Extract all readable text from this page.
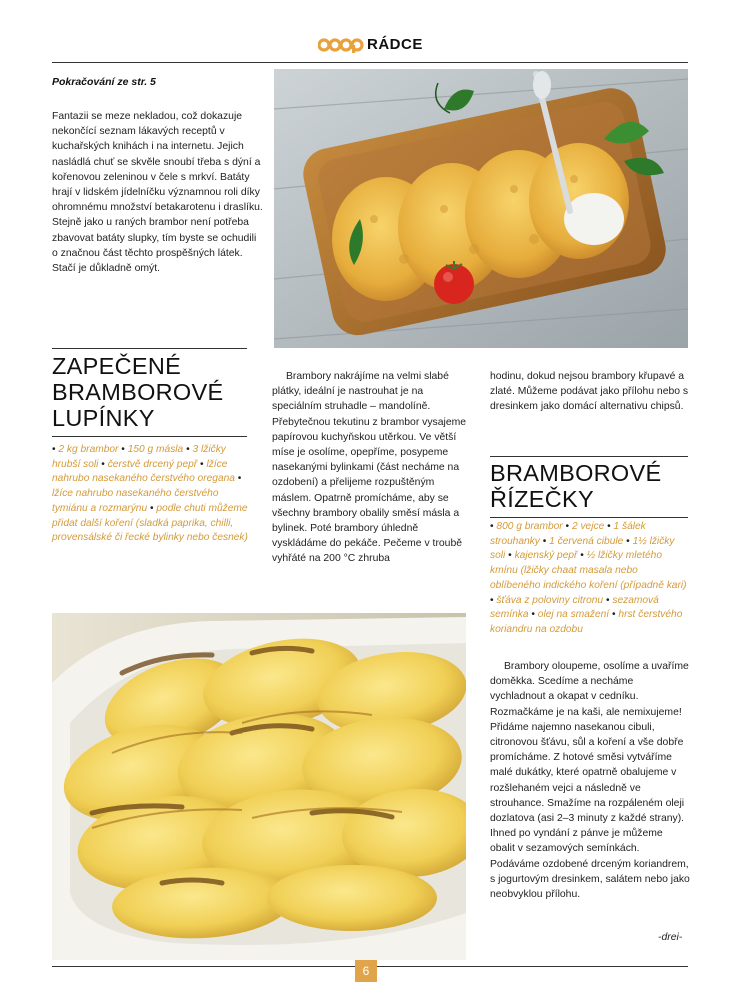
RÁDCE
Pokračování ze str. 5
Fantazii se meze nekladou, což dokazuje nekončící seznam lákavých receptů v kuchařských knihách i na internetu. Jejich nasládlá chuť se skvěle snoubí třeba s dýní a kořenovou zeleninou v čele s mrkví. Batáty hrají v lidském jídelníčku významnou roli díky ohromnému množství betakarotenu i draslíku. Stejně jako u raných brambor není potřeba zbavovat batáty slupky, tím byste se ochudili o značnou část těchto prospěšných látek. Stačí je důkladně omýt.
ZAPEČENÉ
BRAMBOROVÉ
LUPÍNKY
• 2 kg brambor • 150 g másla • 3 lžičky hrubší soli • čerstvě drcený pepř • lžíce nahrubo nasekaného čerstvého oregana • lžíce nahrubo nasekaného čerstvého tymiánu a rozmarýnu • podle chuti můžeme přidat další koření (sladká paprika, chilli, provensálské či řecké bylinky nebo česnek)
Brambory nakrájíme na velmi slabé plátky, ideální je nastrouhat je na speciálním struhadle – mandolíně. Přebytečnou tekutinu z brambor vysajeme papírovou kuchyňskou utěrkou. Ve větší míse je osolíme, opepříme, posypeme nasekanými bylinkami (část necháme na ozdobení) a přelijeme rozpuštěným máslem. Opatrně promícháme, aby se všechny brambory obalily směsí másla a bylinek. Poté brambory úhledně vyskládáme do pekáče. Pečeme v troubě vyhřáté na 200 °C zhruba
hodinu, dokud nejsou brambory křupavé a zlaté. Můžeme podávat jako přílohu nebo s dresinkem jako domácí alternativu chipsů.
BRAMBOROVÉ
ŘÍZEČKY
• 800 g brambor • 2 vejce • 1 šálek strouhanky • 1 červená cibule • 1½ lžičky soli • kajenský pepř • ½ lžičky mletého kmínu (lžičky chaat masala nebo oblíbeného indického koření (případně kari) • šťáva z poloviny citronu • sezamová semínka • olej na smažení • hrst čerstvého koriandru na ozdobu
Brambory oloupeme, osolíme a uvaříme doměkka. Scedíme a necháme vychladnout a okapat v cedníku. Rozmačkáme je na kaši, ale nemixujeme! Přidáme najemno nasekanou cibuli, citronovou šťávu, sůl a koření a vše dobře promícháme. Z hotové směsi vytváříme malé dukátky, které opatrně obalujeme v rozšlehaném vejci a následně ve strouhance. Smažíme na rozpáleném oleji dozlatova (asi 2–3 minuty z každé strany). Ihned po vyndání z pánve je můžeme obalit v sezamových semínkách. Podáváme ozdobené drceným koriandrem, s jogurtovým dresinkem, salátem nebo jako neobvyklou přílohu.
-drei-
6
